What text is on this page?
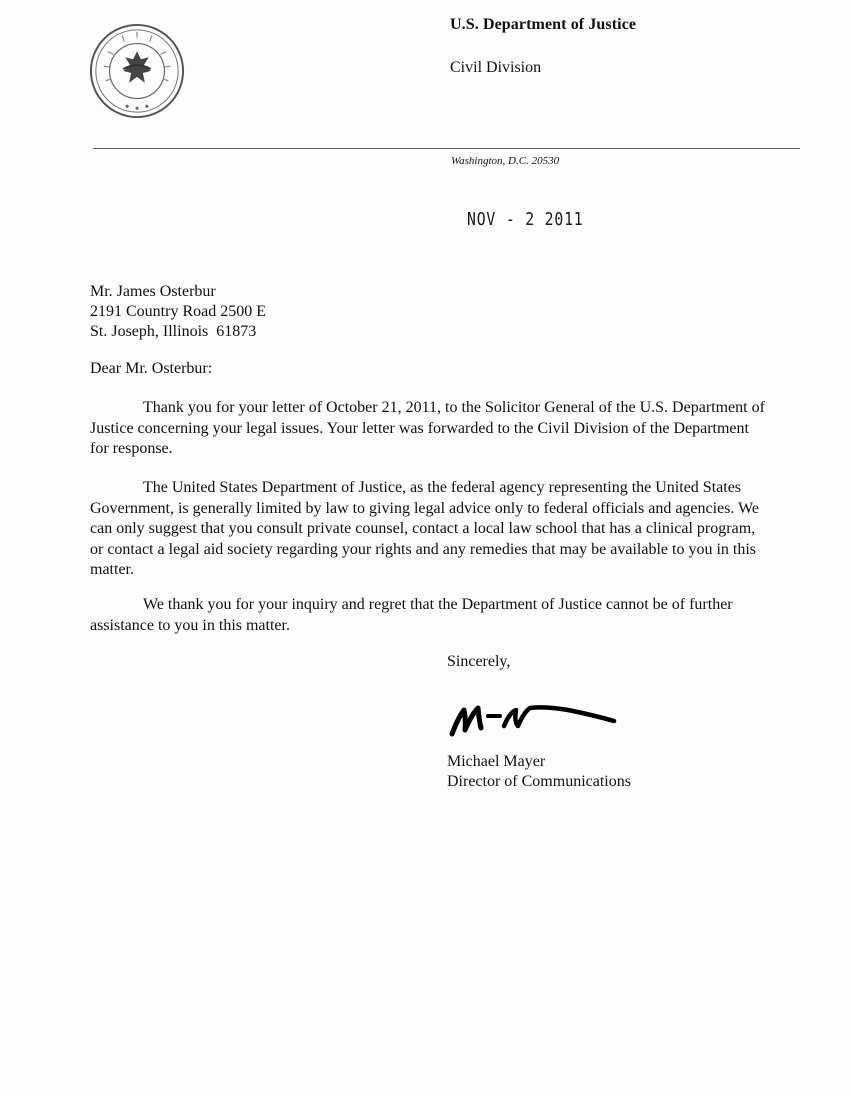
U.S. Department of Justice
Civil Division
Washington, D.C. 20530
NOV - 2 2011
Mr. James Osterbur
2191 Country Road 2500 E
St. Joseph, Illinois  61873
Dear Mr. Osterbur:

Thank you for your letter of October 21, 2011, to the Solicitor General of the U.S. Department of Justice concerning your legal issues. Your letter was forwarded to the Civil Division of the Department for response.

The United States Department of Justice, as the federal agency representing the United States Government, is generally limited by law to giving legal advice only to federal officials and agencies. We can only suggest that you consult private counsel, contact a local law school that has a clinical program, or contact a legal aid society regarding your rights and any remedies that may be available to you in this matter.

We thank you for your inquiry and regret that the Department of Justice cannot be of further assistance to you in this matter.

Sincerely,
Michael Mayer
Director of Communications
